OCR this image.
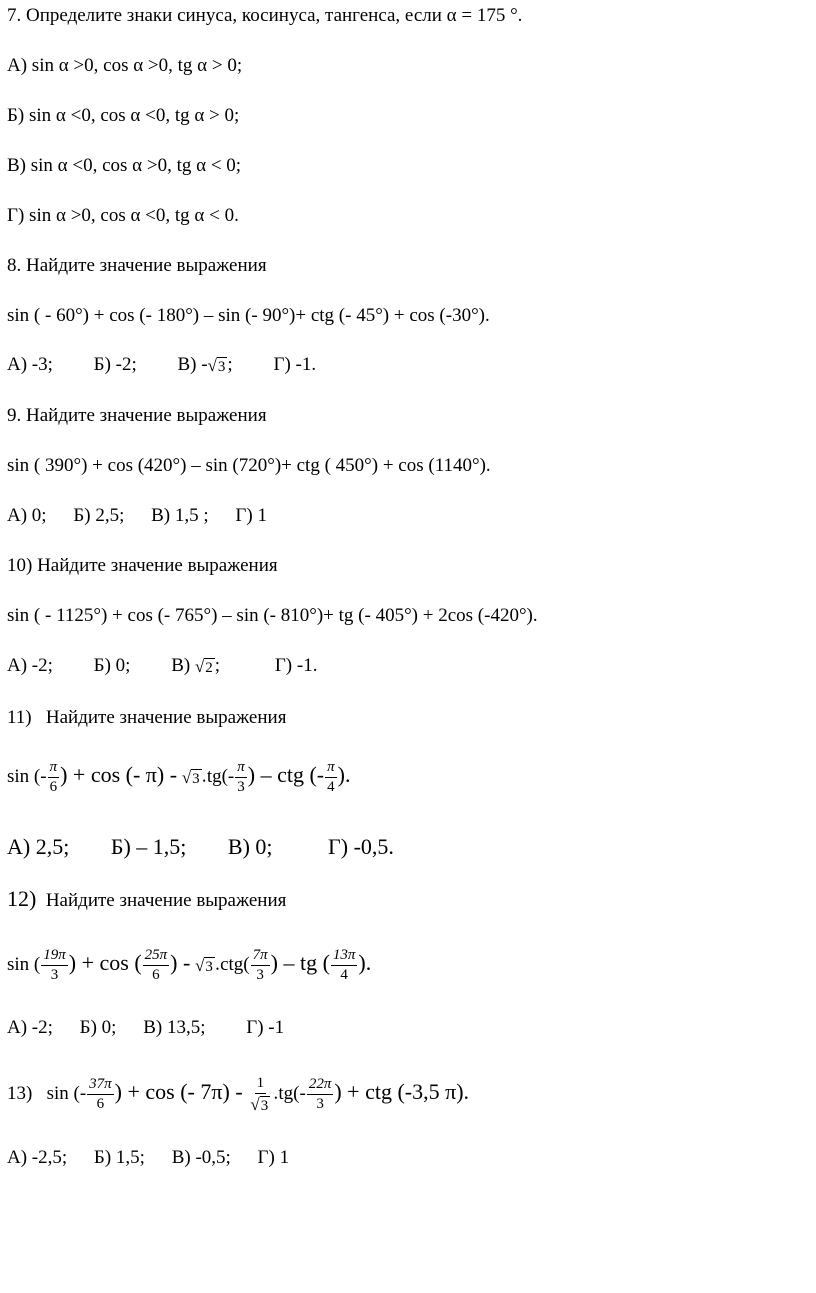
7. Определите знаки синуса, косинуса, тангенса, если α = 175 °.
А) sin α >0, cos α >0, tg α > 0;
Б) sin α <0, cos α <0, tg α > 0;
В) sin α <0, cos α >0, tg α < 0;
Г) sin α >0, cos α <0, tg α < 0.
8. Найдите значение выражения
sin ( - 60°) + cos (- 180°) – sin (- 90°)+ ctg (- 45°) + cos (-30°).
А) -3; Б) -2; В) -√3 ; Г) -1.
9. Найдите значение выражения
sin ( 390°) + cos (420°) – sin (720°)+ ctg ( 450°) + cos (1140°).
А) 0; Б) 2,5; В) 1,5 ; Г) 1
10) Найдите значение выражения
sin ( - 1125°) + cos (- 765°) – sin (- 810°)+ tg (- 405°) + 2cos (-420°).
А) -2; Б) 0; В) √2 ;	Г) -1.
11) Найдите значение выражения
sin (- $\frac{\pi}{6}$ ) + cos (- π) - √3 •tg(- $\frac{\pi}{3}$ ) – ctg (- $\frac{\pi}{4}$ ).
А) 2,5; Б) – 1,5; В) 0;	Г) -0,5.
12) Найдите значение выражения
sin ( $\frac{19\pi}{3}$ ) + cos ( $\frac{25\pi}{6}$ ) - √3 •ctg( $\frac{7\pi}{3}$ ) – tg ( $\frac{13\pi}{4}$ ).
А) -2; Б) 0; В) 13,5; Г) -1
13) sin (- $\frac{37\pi}{6}$ ) + cos (- $7\pi) - \frac{1}{√3}$ •tg(- $\frac{22\pi}{3}$ ) + ctg (-3,5 π).
А) -2,5; Б) 1,5; В) -0,5; Г) 1
